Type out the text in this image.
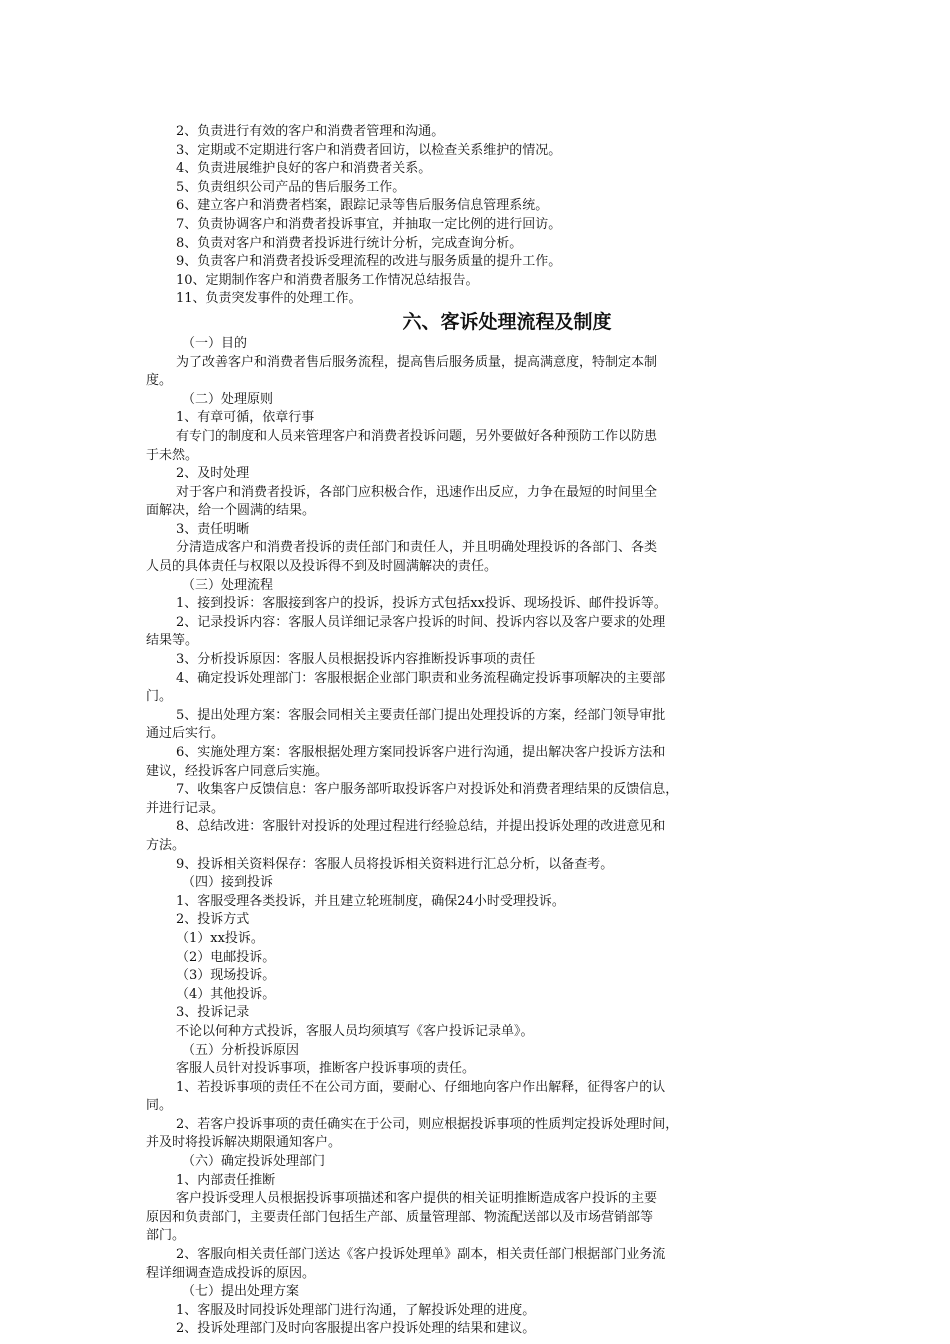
2、负责进行有效的客户和消费者管理和沟通。
3、定期或不定期进行客户和消费者回访，以检查关系维护的情况。
4、负责进展维护良好的客户和消费者关系。
5、负责组织公司产品的售后服务工作。
6、建立客户和消费者档案，跟踪记录等售后服务信息管理系统。
7、负责协调客户和消费者投诉事宜，并抽取一定比例的进行回访。
8、负责对客户和消费者投诉进行统计分析，完成查询分析。
9、负责客户和消费者投诉受理流程的改进与服务质量的提升工作。
10、定期制作客户和消费者服务工作情况总结报告。
11、负责突发事件的处理工作。
六、客诉处理流程及制度
（一）目的
为了改善客户和消费者售后服务流程，提高售后服务质量，提高满意度，特制定本制
度。
（二）处理原则
1、有章可循，依章行事
有专门的制度和人员来管理客户和消费者投诉问题，另外要做好各种预防工作以防患
于未然。
2、及时处理
对于客户和消费者投诉，各部门应积极合作，迅速作出反应，力争在最短的时间里全
面解决，给一个圆满的结果。
3、责任明晰
分清造成客户和消费者投诉的责任部门和责任人，并且明确处理投诉的各部门、各类
人员的具体责任与权限以及投诉得不到及时圆满解决的责任。
（三）处理流程
1、接到投诉：客服接到客户的投诉，投诉方式包括xx投诉、现场投诉、邮件投诉等。
2、记录投诉内容：客服人员详细记录客户投诉的时间、投诉内容以及客户要求的处理
结果等。
3、分析投诉原因：客服人员根据投诉内容推断投诉事项的责任
4、确定投诉处理部门：客服根据企业部门职责和业务流程确定投诉事项解决的主要部
门。
5、提出处理方案：客服会同相关主要责任部门提出处理投诉的方案，经部门领导审批
通过后实行。
6、实施处理方案：客服根据处理方案同投诉客户进行沟通，提出解决客户投诉方法和
建议，经投诉客户同意后实施。
7、收集客户反馈信息：客户服务部听取投诉客户对投诉处和消费者理结果的反馈信息，
并进行记录。
8、总结改进：客服针对投诉的处理过程进行经验总结，并提出投诉处理的改进意见和
方法。
9、投诉相关资料保存：客服人员将投诉相关资料进行汇总分析，以备查考。
（四）接到投诉
1、客服受理各类投诉，并且建立轮班制度，确保24小时受理投诉。
2、投诉方式
（1）xx投诉。
（2）电邮投诉。
（3）现场投诉。
（4）其他投诉。
3、投诉记录
不论以何种方式投诉，客服人员均须填写《客户投诉记录单》。
（五）分析投诉原因
客服人员针对投诉事项，推断客户投诉事项的责任。
1、若投诉事项的责任不在公司方面，要耐心、仔细地向客户作出解释，征得客户的认
同。
2、若客户投诉事项的责任确实在于公司，则应根据投诉事项的性质判定投诉处理时间，
并及时将投诉解决期限通知客户。
（六）确定投诉处理部门
1、内部责任推断
客户投诉受理人员根据投诉事项描述和客户提供的相关证明推断造成客户投诉的主要
原因和负责部门，主要责任部门包括生产部、质量管理部、物流配送部以及市场营销部等
部门。
2、客服向相关责任部门送达《客户投诉处理单》副本，相关责任部门根据部门业务流
程详细调查造成投诉的原因。
（七）提出处理方案
1、客服及时同投诉处理部门进行沟通，了解投诉处理的进度。
2、投诉处理部门及时向客服提出客户投诉处理的结果和建议。
